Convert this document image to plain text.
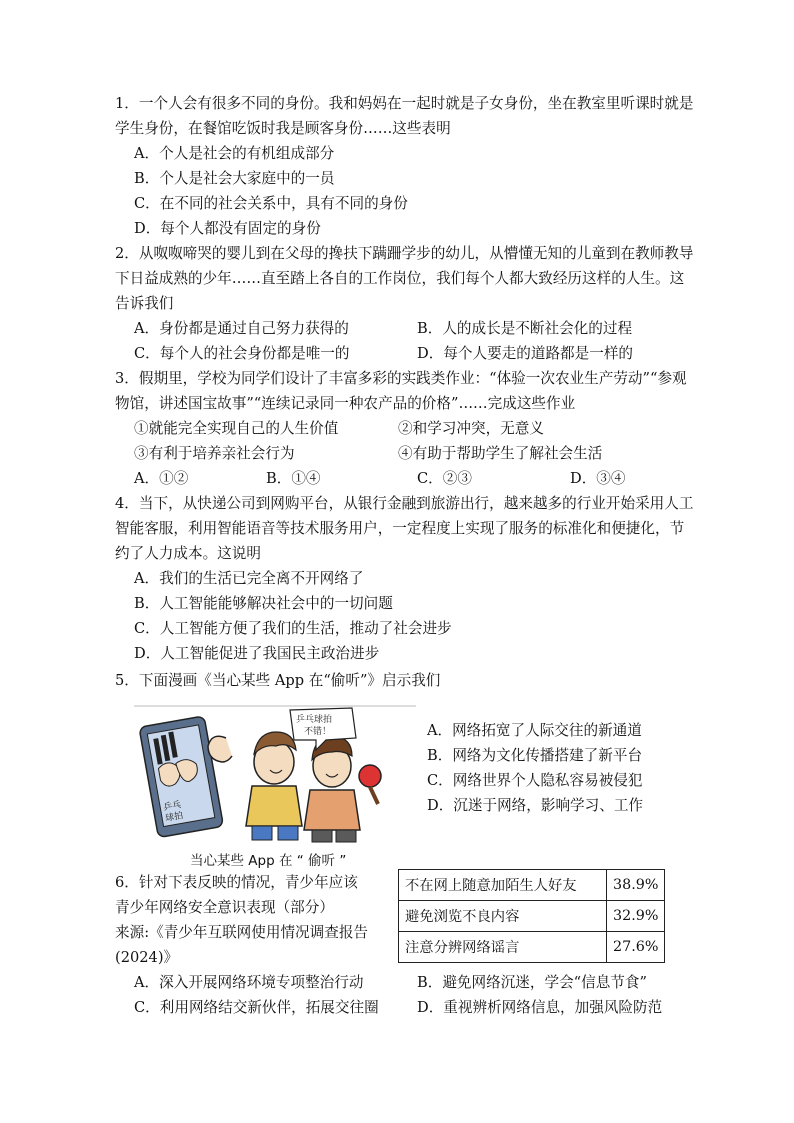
1．一个人会有很多不同的身份。我和妈妈在一起时就是子女身份，坐在教室里听课时就是
学生身份，在餐馆吃饭时我是顾客身份……这些表明
A．个人是社会的有机组成部分
B．个人是社会大家庭中的一员
C．在不同的社会关系中，具有不同的身份
D．每个人都没有固定的身份
2．从呶呶啼哭的婴儿到在父母的搀扶下蹒跚学步的幼儿，从懵懂无知的儿童到在教师教导
下日益成熟的少年……直至踏上各自的工作岗位，我们每个人都大致经历这样的人生。这
告诉我们
A．身份都是通过自己努力获得的	B．人的成长是不断社会化的过程
C．每个人的社会身份都是唯一的	D．每个人要走的道路都是一样的
3．假期里，学校为同学们设计了丰富多彩的实践类作业：“体验一次农业生产劳动”“参观
物馆，讲述国宝故事”“连续记录同一种农产品的价格”……完成这些作业
①就能完全实现自己的人生价值	②和学习冲突，无意义
③有利于培养亲社会行为	④有助于帮助学生了解社会生活
A．①②	B．①④	C．②③	D．③④
4．当下，从快递公司到网购平台，从银行金融到旅游出行，越来越多的行业开始采用人工
智能客服，利用智能语音等技术服务用户，一定程度上实现了服务的标准化和便捷化，节
约了人力成本。这说明
A．我们的生活已完全离不开网络了
B．人工智能能够解决社会中的一切问题
C．人工智能方便了我们的生活，推动了社会进步
D．人工智能促进了我国民主政治进步
5．下面漫画《当心某些 App 在“偷听”》启示我们
乒乓
球拍
乒乓球拍
不错！
当心某些 App 在 “ 偷听 ”
A．网络拓宽了人际交往的新通道
B．网络为文化传播搭建了新平台
C．网络世界个人隐私容易被侵犯
D．沉迷于网络，影响学习、工作
6．针对下表反映的情况，青少年应该
青少年网络安全意识表现（部分）
来源:《青少年互联网使用情况调查报告
(2024)》
不在网上随意加陌生人好友	38.9%
避免浏览不良内容	32.9%
注意分辨网络谣言	27.6%
A．深入开展网络环境专项整治行动	B．避免网络沉迷，学会“信息节食”
C．利用网络结交新伙伴，拓展交往圈	D．重视辨析网络信息，加强风险防范
